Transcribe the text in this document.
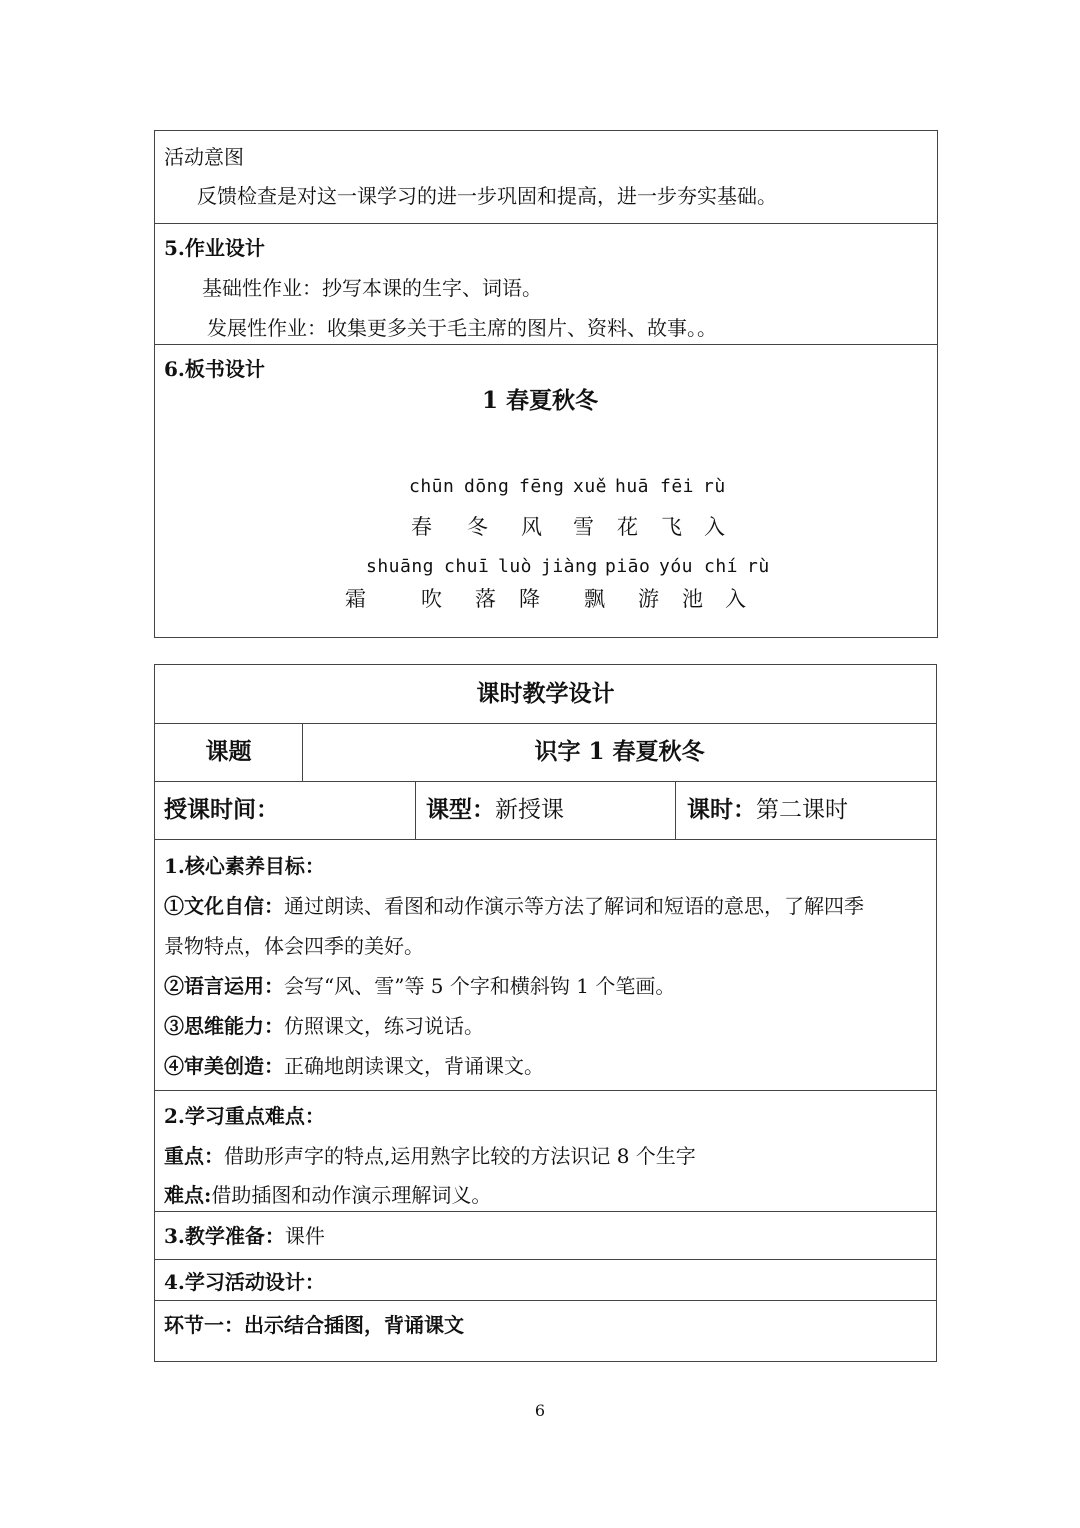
活动意图
反馈检查是对这一课学习的进一步巩固和提高，进一步夯实基础。
5.作业设计
基础性作业：抄写本课的生字、词语。
发展性作业：收集更多关于毛主席的图片、资料、故事。。
6.板书设计
1 春夏秋冬
chūn dōng fēng xuě huā fēi rù
春 冬 风 雪 花 飞 入
shuāng chuī luò jiàng piāo yóu chí rù
霜	吹 落 降 飘 游 池 入
课时教学设计
课题	识字 1 春夏秋冬
授课时间：	课型：新授课	课时：第二课时
1.核心素养目标：
①文化自信：通过朗读、看图和动作演示等方法了解词和短语的意思，了解四季
景物特点，体会四季的美好。
②语言运用：会写“风、雪”等 5 个字和横斜钩 1 个笔画。
③思维能力：仿照课文，练习说话。
④审美创造：正确地朗读课文，背诵课文。
2.学习重点难点：
重点：借助形声字的特点,运用熟字比较的方法识记 8 个生字
难点:借助插图和动作演示理解词义。
3.教学准备：课件
4.学习活动设计：
环节一：出示结合插图，背诵课文
6
